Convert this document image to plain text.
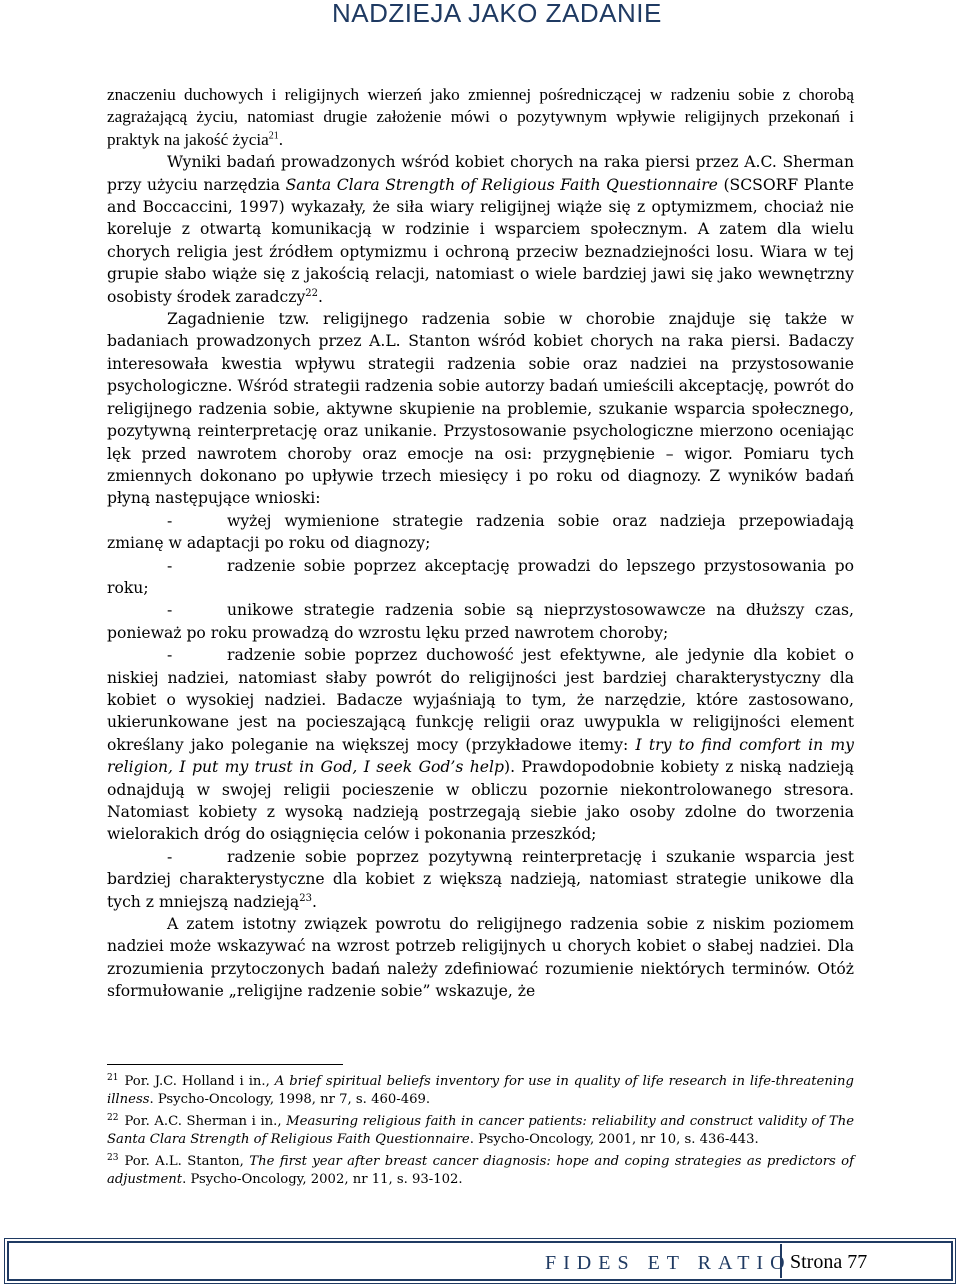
NADZIEJA JAKO ZADANIE

znaczeniu duchowych i religijnych wierzeń jako zmiennej pośredniczącej w radzeniu sobie z chorobą zagrażającą życiu, natomiast drugie założenie mówi o pozytywnym wpływie religijnych przekonań i praktyk na jakość życia$^{21}$.

Wyniki badań prowadzonych wśród kobiet chorych na raka piersi przez A.C. Sherman przy użyciu narzędzia Santa Clara Strength of Religious Faith Questionnaire (SCSORF Plante and Boccaccini, 1997) wykazały, że siła wiary religijnej wiąże się z optymizmem, chociaż nie koreluje z otwartą komunikacją w rodzinie i wsparciem społecznym. A zatem dla wielu chorych religia jest źródłem optymizmu i ochroną przeciw beznadziejności losu. Wiara w tej grupie słabo wiąże się z jakością relacji, natomiast o wiele bardziej jawi się jako wewnętrzny osobisty środek zaradczy$^{22}$.

Zagadnienie tzw. religijnego radzenia sobie w chorobie znajduje się także w badaniach prowadzonych przez A.L. Stanton wśród kobiet chorych na raka piersi. Badaczy interesowała kwestia wpływu strategii radzenia sobie oraz nadziei na przystosowanie psychologiczne. Wśród strategii radzenia sobie autorzy badań umieścili akceptację, powrót do religijnego radzenia sobie, aktywne skupienie na problemie, szukanie wsparcia społecznego, pozytywną reinterpretację oraz unikanie. Przystosowanie psychologiczne mierzono oceniając lęk przed nawrotem choroby oraz emocje na osi: przygnębienie – wigor. Pomiaru tych zmiennych dokonano po upływie trzech miesięcy i po roku od diagnozy. Z wyników badań płyną następujące wnioski:

-	wyżej wymienione strategie radzenia sobie oraz nadzieja przepowiadają zmianę w adaptacji po roku od diagnozy;

-	radzenie sobie poprzez akceptację prowadzi do lepszego przystosowania po roku;

-	unikowe strategie radzenia sobie są nieprzystosowawcze na dłuższy czas, ponieważ po roku prowadzą do wzrostu lęku przed nawrotem choroby;

-	radzenie sobie poprzez duchowość jest efektywne, ale jedynie dla kobiet o niskiej nadziei, natomiast słaby powrót do religijności jest bardziej charakterystyczny dla kobiet o wysokiej nadziei. Badacze wyjaśniają to tym, że narzędzie, które zastosowano, ukierunkowane jest na pocieszającą funkcję religii oraz uwypukla w religijności element określany jako poleganie na większej mocy (przykładowe itemy: I try to find comfort in my religion, I put my trust in God, I seek God’s help). Prawdopodobnie kobiety z niską nadzieją odnajdują w swojej religii pocieszenie w obliczu pozornie niekontrolowanego stresora. Natomiast kobiety z wysoką nadzieją postrzegają siebie jako osoby zdolne do tworzenia wielorakich dróg do osiągnięcia celów i pokonania przeszkód;

-	radzenie sobie poprzez pozytywną reinterpretację i szukanie wsparcia jest bardziej charakterystyczne dla kobiet z większą nadzieją, natomiast strategie unikowe dla tych z mniejszą nadzieją$^{23}$.

A zatem istotny związek powrotu do religijnego radzenia sobie z niskim poziomem nadziei może wskazywać na wzrost potrzeb religijnych u chorych kobiet o słabej nadziei. Dla zrozumienia przytoczonych badań należy zdefiniować rozumienie niektórych terminów. Otóż sformułowanie „religijne radzenie sobie” wskazuje, że

$^{21}$ Por. J.C. Holland i in., A brief spiritual beliefs inventory for use in quality of life research in life-threatening illness. Psycho-Oncology, 1998, nr 7, s. 460-469.

$^{22}$ Por. A.C. Sherman i in., Measuring religious faith in cancer patients: reliability and construct validity of The Santa Clara Strength of Religious Faith Questionnaire. Psycho-Oncology, 2001, nr 10, s. 436-443.

$^{23}$ Por. A.L. Stanton, The first year after breast cancer diagnosis: hope and coping strategies as predictors of adjustment. Psycho-Oncology, 2002, nr 11, s. 93-102.

FIDES ET RATIO
Strona 77
